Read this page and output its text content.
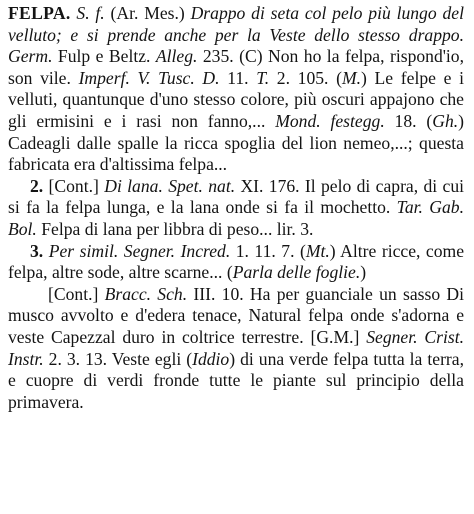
FELPA. S. f. (Ar. Mes.) Drappo di seta col pelo più lungo del velluto; e si prende anche per la Veste dello stesso drappo. Germ. Fulp e Beltz. Alleg. 235. (C) Non ho la felpa, rispond'io, son vile. Imperf. V. Tusc. D. 11. T. 2. 105. (M.) Le felpe e i velluti, quantunque d'uno stesso colore, più oscuri appajono che gli ermisini e i rasi non fanno,... Mond. festegg. 18. (Gh.) Cadeagli dalle spalle la ricca spoglia del lion nemeo,...; questa fabricata era d'altissima felpa...

2. [Cont.] Di lana. Spet. nat. XI. 176. Il pelo di capra, di cui si fa la felpa lunga, e la lana onde si fa il mochetto. Tar. Gab. Bol. Felpa di lana per libbra di peso... lir. 3.

3. Per simil. Segner. Incred. 1. 11. 7. (Mt.) Altre ricce, come felpa, altre sode, altre scarne... (Parla delle foglie.)

[Cont.] Bracc. Sch. III. 10. Ha per guanciale un sasso Di musco avvolto e d'edera tenace, Natural felpa onde s'adorna e veste Capezzal duro in coltrice terrestre. [G.M.] Segner. Crist. Instr. 2. 3. 13. Veste egli (Iddio) di una verde felpa tutta la terra, e cuopre di verdi fronde tutte le piante sul principio della primavera.
